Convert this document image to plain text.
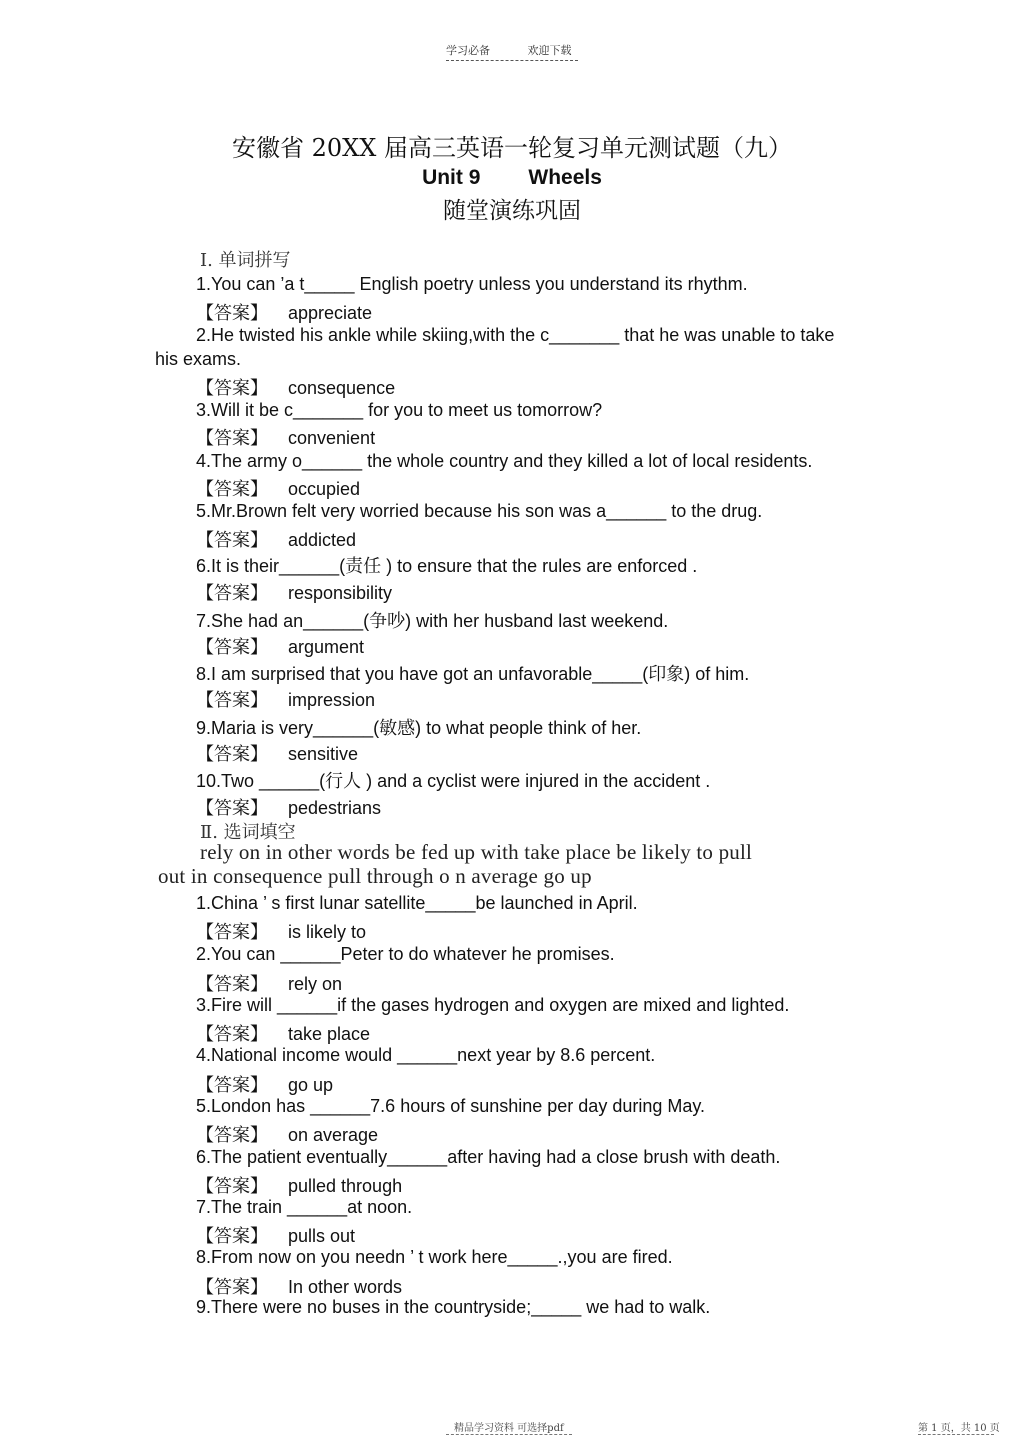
学习必备	欢迎下载
安徽省 20XX 届高三英语一轮复习单元测试题（九）
Unit 9 Wheels
随堂演练巩固
Ⅰ. 单词拼写
1.You can ’a t_____ English poetry unless you understand its rhythm.
【答案】 appreciate
2.He twisted his ankle while skiing,with the c_______ that he was unable to take
his exams.
【答案】 consequence
3.Will it be c_______ for you to meet us tomorrow?
【答案】 convenient
4.The army o______ the whole country and they killed a lot of local residents.
【答案】 occupied
5.Mr.Brown felt very worried because his son was a______ to the drug.
【答案】 addicted
6.It is their______(责任 ) to ensure that the rules are enforced .
【答案】 responsibility
7.She had an______(争吵) with her husband last weekend.
【答案】 argument
8.I am surprised that you have got an unfavorable_____(印象) of him.
【答案】 impression
9.Maria is very______(敏感) to what people think of her.
【答案】 sensitive
10.Two ______(行人 ) and a cyclist were injured in the accident .
【答案】 pedestrians
Ⅱ. 选词填空
rely on in other words be fed up with take place be likely to pull
out in consequence pull through o n average go up
1.China ’ s first lunar satellite_____be launched in April.
【答案】 is likely to
2.You can ______Peter to do whatever he promises.
【答案】 rely on
3.Fire will ______if the gases hydrogen and oxygen are mixed and lighted.
【答案】 take place
4.National income would ______next year by 8.6 percent.
【答案】 go up
5.London has ______7.6 hours of sunshine per day during May.
【答案】 on average
6.The patient eventually______after having had a close brush with death.
【答案】 pulled through
7.The train ______at noon.
【答案】 pulls out
8.From now on you needn ’ t work here_____.,you are fired.
【答案】 In other words
9.There were no buses in the countryside;_____ we had to walk.
精品学习资料 可选择pdf	第 1 页，共 10 页
